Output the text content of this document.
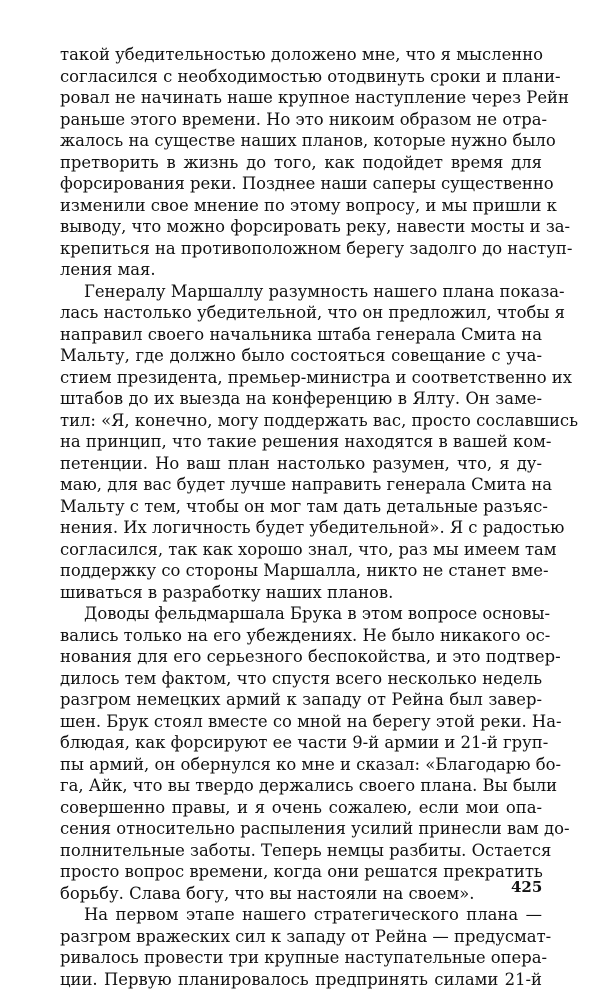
такой убедительностью доложено мне, что я мысленно
согласился с необходимостью отодвинуть сроки и плани-
ровал не начинать наше крупное наступление через Рейн
раньше этого времени. Но это никоим образом не отра-
жалось на существе наших планов, которые нужно было
претворить в жизнь до того, как подойдет время для
форсирования реки. Позднее наши саперы существенно
изменили свое мнение по этому вопросу, и мы пришли к
выводу, что можно форсировать реку, навести мосты и за-
крепиться на противоположном берегу задолго до наступ-
ления мая.
Генералу Маршаллу разумность нашего плана показа-
лась настолько убедительной, что он предложил, чтобы я
направил своего начальника штаба генерала Смита на
Мальту, где должно было состояться совещание с уча-
стием президента, премьер-министра и соответственно их
штабов до их выезда на конференцию в Ялту. Он заме-
тил: «Я, конечно, могу поддержать вас, просто сославшись
на принцип, что такие решения находятся в вашей ком-
петенции. Но ваш план настолько разумен, что, я ду-
маю, для вас будет лучше направить генерала Смита на
Мальту с тем, чтобы он мог там дать детальные разъяс-
нения. Их логичность будет убедительной». Я с радостью
согласился, так как хорошо знал, что, раз мы имеем там
поддержку со стороны Маршалла, никто не станет вме-
шиваться в разработку наших планов.
Доводы фельдмаршала Брука в этом вопросе основы-
вались только на его убеждениях. Не было никакого ос-
нования для его серьезного беспокойства, и это подтвер-
дилось тем фактом, что спустя всего несколько недель
разгром немецких армий к западу от Рейна был завер-
шен. Брук стоял вместе со мной на берегу этой реки. На-
блюдая, как форсируют ее части 9-й армии и 21-й груп-
пы армий, он обернулся ко мне и сказал: «Благодарю бо-
га, Айк, что вы твердо держались своего плана. Вы были
совершенно правы, и я очень сожалею, если мои опа-
сения относительно распыления усилий принесли вам до-
полнительные заботы. Теперь немцы разбиты. Остается
просто вопрос времени, когда они решатся прекратить
борьбу. Слава богу, что вы настояли на своем».
На первом этапе нашего стратегического плана —
разгром вражеских сил к западу от Рейна — предусмат-
ривалось провести три крупные наступательные опера-
ции. Первую планировалось предпринять силами 21-й
425
